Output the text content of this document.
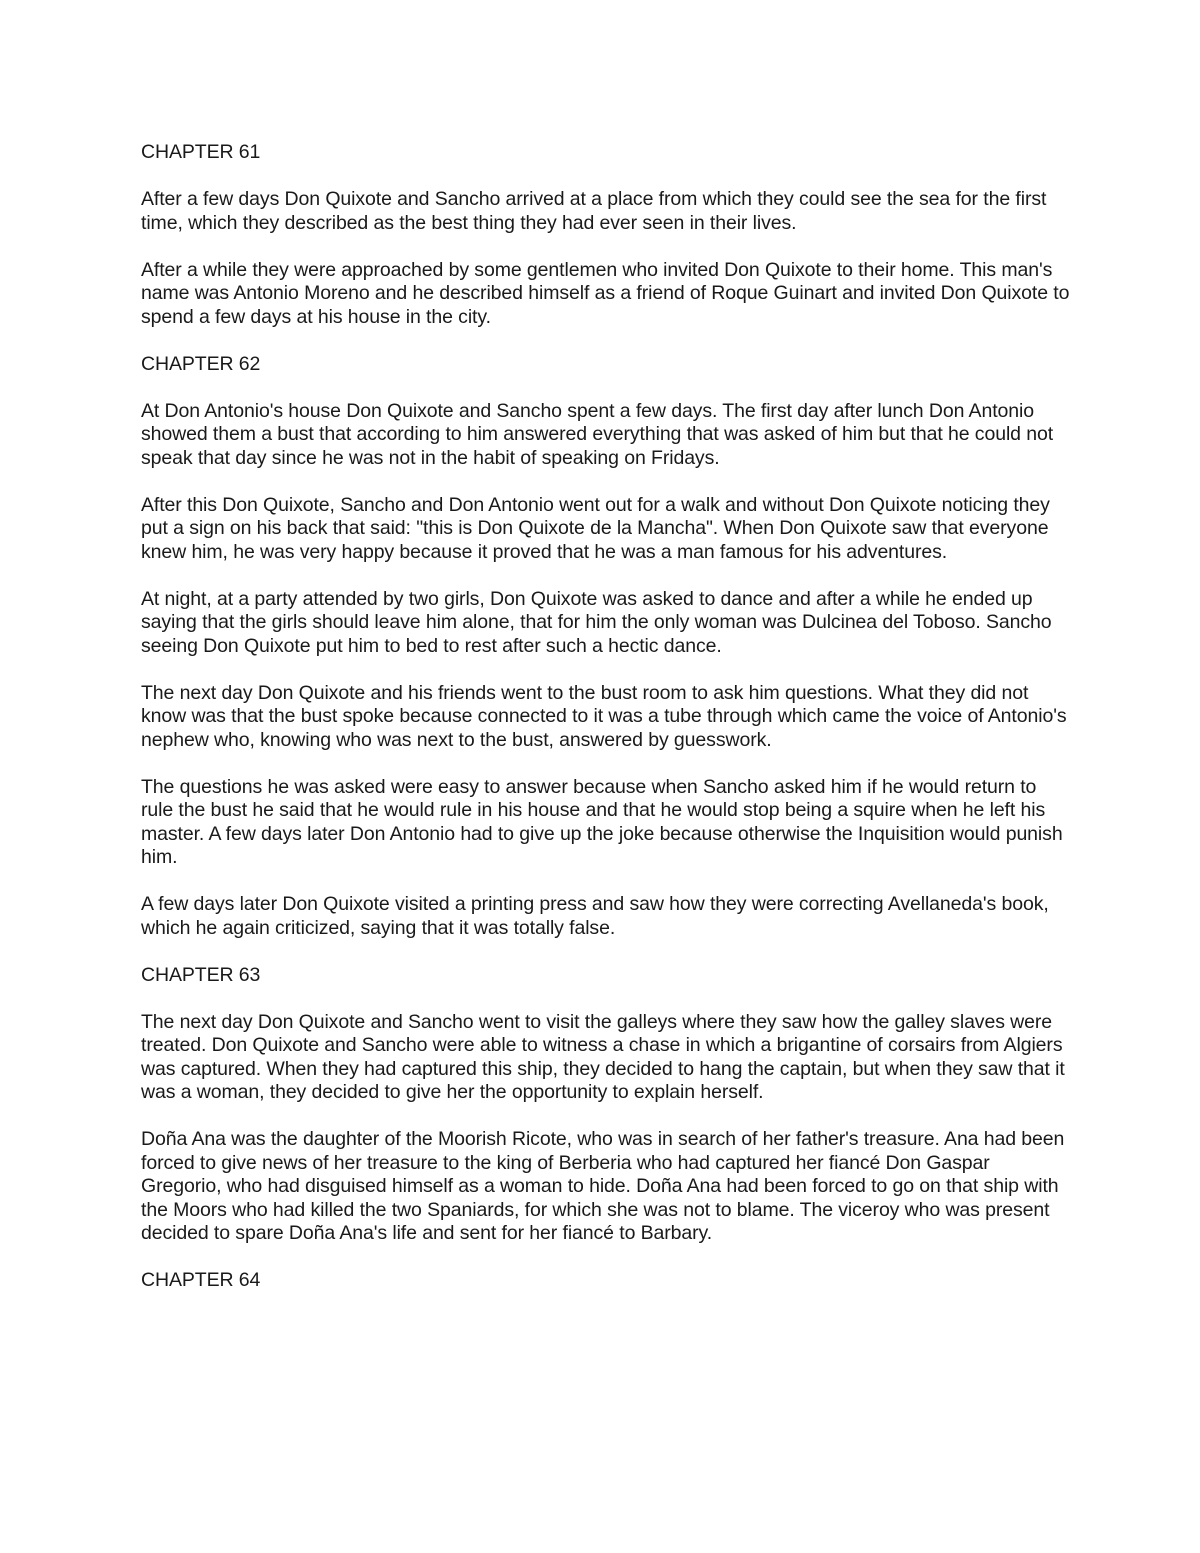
CHAPTER 61

After a few days Don Quixote and Sancho arrived at a place from which they could see the sea for the first time, which they described as the best thing they had ever seen in their lives.

After a while they were approached by some gentlemen who invited Don Quixote to their home. This man's name was Antonio Moreno and he described himself as a friend of Roque Guinart and invited Don Quixote to spend a few days at his house in the city.

CHAPTER 62

At Don Antonio's house Don Quixote and Sancho spent a few days. The first day after lunch Don Antonio showed them a bust that according to him answered everything that was asked of him but that he could not speak that day since he was not in the habit of speaking on Fridays.

After this Don Quixote, Sancho and Don Antonio went out for a walk and without Don Quixote noticing they put a sign on his back that said: "this is Don Quixote de la Mancha". When Don Quixote saw that everyone knew him, he was very happy because it proved that he was a man famous for his adventures.

At night, at a party attended by two girls, Don Quixote was asked to dance and after a while he ended up saying that the girls should leave him alone, that for him the only woman was Dulcinea del Toboso. Sancho seeing Don Quixote put him to bed to rest after such a hectic dance.

The next day Don Quixote and his friends went to the bust room to ask him questions. What they did not know was that the bust spoke because connected to it was a tube through which came the voice of Antonio's nephew who, knowing who was next to the bust, answered by guesswork.

The questions he was asked were easy to answer because when Sancho asked him if he would return to rule the bust he said that he would rule in his house and that he would stop being a squire when he left his master. A few days later Don Antonio had to give up the joke because otherwise the Inquisition would punish him.

A few days later Don Quixote visited a printing press and saw how they were correcting Avellaneda's book, which he again criticized, saying that it was totally false.

CHAPTER 63

The next day Don Quixote and Sancho went to visit the galleys where they saw how the galley slaves were treated. Don Quixote and Sancho were able to witness a chase in which a brigantine of corsairs from Algiers was captured. When they had captured this ship, they decided to hang the captain, but when they saw that it was a woman, they decided to give her the opportunity to explain herself.

Doña Ana was the daughter of the Moorish Ricote, who was in search of her father's treasure. Ana had been forced to give news of her treasure to the king of Berberia who had captured her fiancé Don Gaspar Gregorio, who had disguised himself as a woman to hide. Doña Ana had been forced to go on that ship with the Moors who had killed the two Spaniards, for which she was not to blame. The viceroy who was present decided to spare Doña Ana's life and sent for her fiancé to Barbary.

CHAPTER 64
